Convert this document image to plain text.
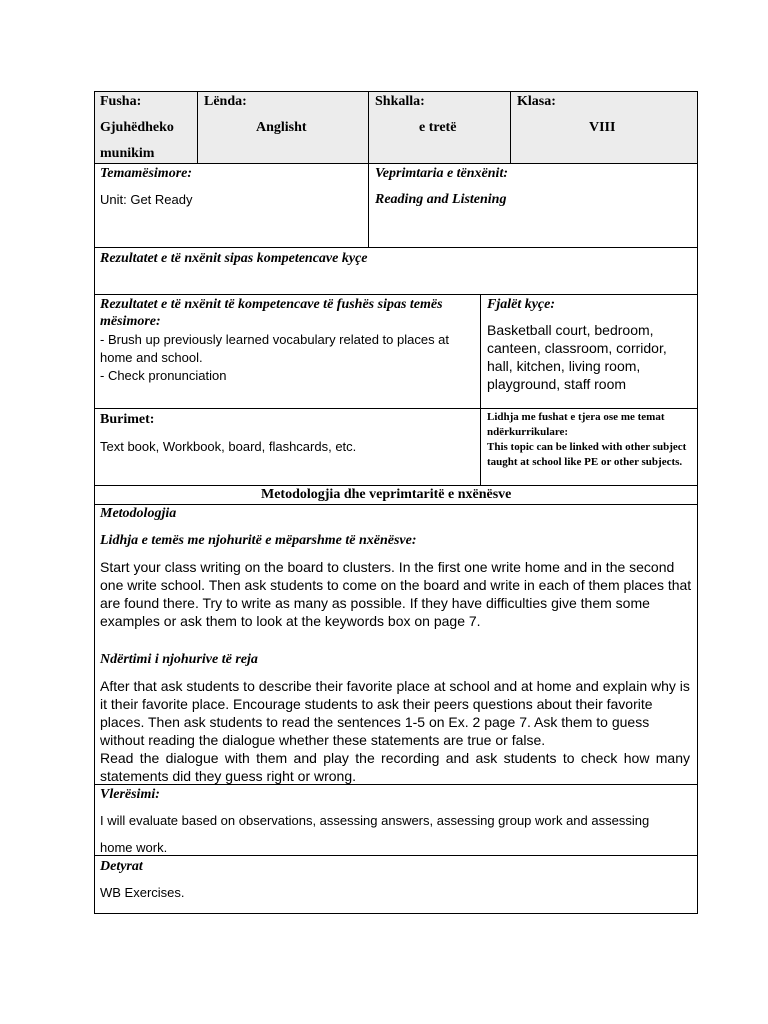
Fusha:
Gjuhëdheko
munikim
Lënda:
Anglisht
Shkalla:
e tretë
Klasa:
VIII
Temamësimore:
Unit: Get Ready
Veprimtaria e tënxënit:
Reading and Listening
Rezultatet e të nxënit sipas kompetencave kyçe
Rezultatet e të nxënit të kompetencave të fushës sipas temës
mësimore:
- Brush up previously learned vocabulary related to places at
home and school.
- Check pronunciation
Fjalët kyçe:
Basketball court, bedroom, canteen, classroom, corridor, hall, kitchen, living room, playground, staff room
Burimet:
Text book, Workbook, board, flashcards, etc.
Lidhja me fushat e tjera ose me temat ndërkurrikulare:
This topic can be linked with other subject taught at school like PE or other subjects.
Metodologjia dhe veprimtaritë e nxënësve
Metodologjia
Lidhja e temës me njohuritë e mëparshme të nxënësve:
Start your class writing on the board to clusters. In the first one write home and in the second one write school. Then ask students to come on the board and write in each of them places that are found there. Try to write as many as possible. If they have difficulties give them some examples or ask them to look at the keywords box on page 7.
Ndërtimi i njohurive të reja
After that ask students to describe their favorite place at school and at home and explain why is it their favorite place. Encourage students to ask their peers questions about their favorite places. Then ask students to read the sentences 1-5 on Ex. 2 page 7. Ask them to guess without reading the dialogue whether these statements are true or false.
Read the dialogue with them and play the recording and ask students to check how many statements did they guess right or wrong.
Vlerësimi:
I will evaluate based on observations, assessing answers, assessing group work and assessing
home work.
Detyrat
WB Exercises.
